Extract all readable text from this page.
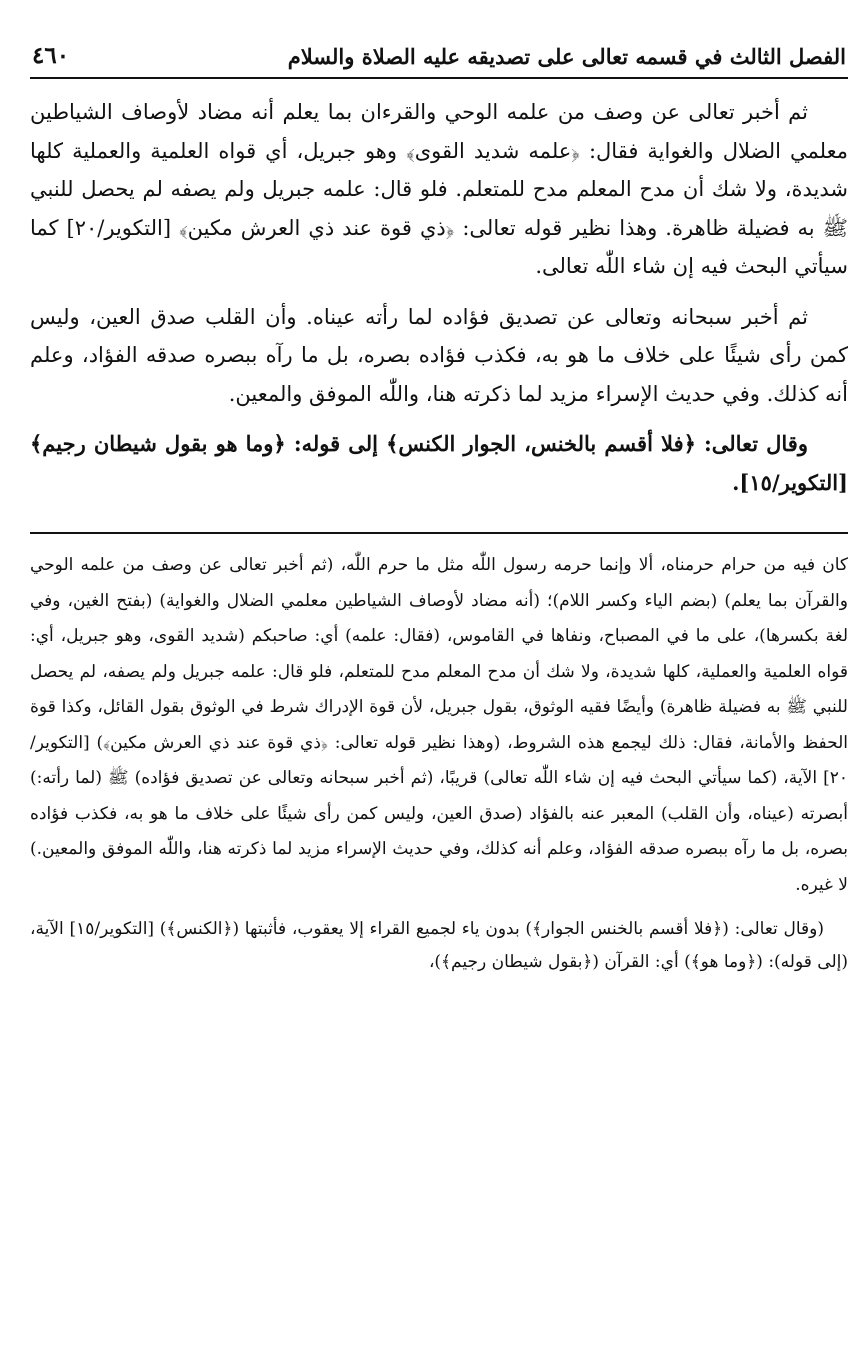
الفصل الثالث في قسمه تعالى على تصديقه عليه الصلاة والسلام
٤٦٠

ثم أخبر تعالى عن وصف من علمه الوحي والقرءان بما يعلم أنه مضاد لأوصاف الشياطين معلمي الضلال والغواية فقال: ﴿علمه شديد القوى﴾ وهو جبريل، أي قواه العلمية والعملية كلها شديدة، ولا شك أن مدح المعلم مدح للمتعلم. فلو قال: علمه جبريل ولم يصفه لم يحصل للنبي ﷺ به فضيلة ظاهرة. وهذا نظير قوله تعالى: ﴿ذي قوة عند ذي العرش مكين﴾ [التكوير/٢٠] كما سيأتي البحث فيه إن شاء اللّٰه تعالى.

ثم أخبر سبحانه وتعالى عن تصديق فؤاده لما رأته عيناه. وأن القلب صدق العين، وليس كمن رأى شيئًا على خلاف ما هو به، فكذب فؤاده بصره، بل ما رآه ببصره صدقه الفؤاد، وعلم أنه كذلك. وفي حديث الإسراء مزيد لما ذكرته هنا، واللّٰه الموفق والمعين.

وقال تعالى: ﴿فلا أقسم بالخنس، الجوار الكنس﴾ إلى قوله: ﴿وما هو بقول شيطان رجيم﴾ [التكوير/١٥].

كان فيه من حرام حرمناه، ألا وإنما حرمه رسول اللّٰه مثل ما حرم اللّٰه، (ثم أخبر تعالى عن وصف من علمه الوحي والقرآن بما يعلم) (بضم الياء وكسر اللام)؛ (أنه مضاد لأوصاف الشياطين معلمي الضلال والغواية) (بفتح الغين، وفي لغة بكسرها)، على ما في المصباح، ونفاها في القاموس، (فقال: علمه) أي: صاحبكم (شديد القوى، وهو جبريل، أي: قواه العلمية والعملية، كلها شديدة، ولا شك أن مدح المعلم مدح للمتعلم، فلو قال: علمه جبريل ولم يصفه، لم يحصل للنبي ﷺ به فضيلة ظاهرة) وأيضًا فقيه الوثوق، بقول جبريل، لأن قوة الإدراك شرط في الوثوق بقول القائل، وكذا قوة الحفظ والأمانة، فقال: ذلك ليجمع هذه الشروط، (وهذا نظير قوله تعالى: ﴿ذي قوة عند ذي العرش مكين﴾) [التكوير/٢٠] الآية، (كما سيأتي البحث فيه إن شاء اللّٰه تعالى) قريبًا، (ثم أخبر سبحانه وتعالى عن تصديق فؤاده) ﷺ (لما رأته:) أبصرته (عيناه، وأن القلب) المعبر عنه بالفؤاد (صدق العين، وليس كمن رأى شيئًا على خلاف ما هو به، فكذب فؤاده بصره، بل ما رآه ببصره صدقه الفؤاد، وعلم أنه كذلك، وفي حديث الإسراء مزيد لما ذكرته هنا، واللّٰه الموفق والمعين.) لا غيره.

(وقال تعالى: (﴿فلا أقسم بالخنس الجوار﴾) بدون ياء لجميع القراء إلا يعقوب، فأثبتها (﴿الكنس﴾) [التكوير/١٥] الآية، (إلى قوله): (﴿وما هو﴾) أي: القرآن (﴿بقول شيطان رجيم﴾)،
